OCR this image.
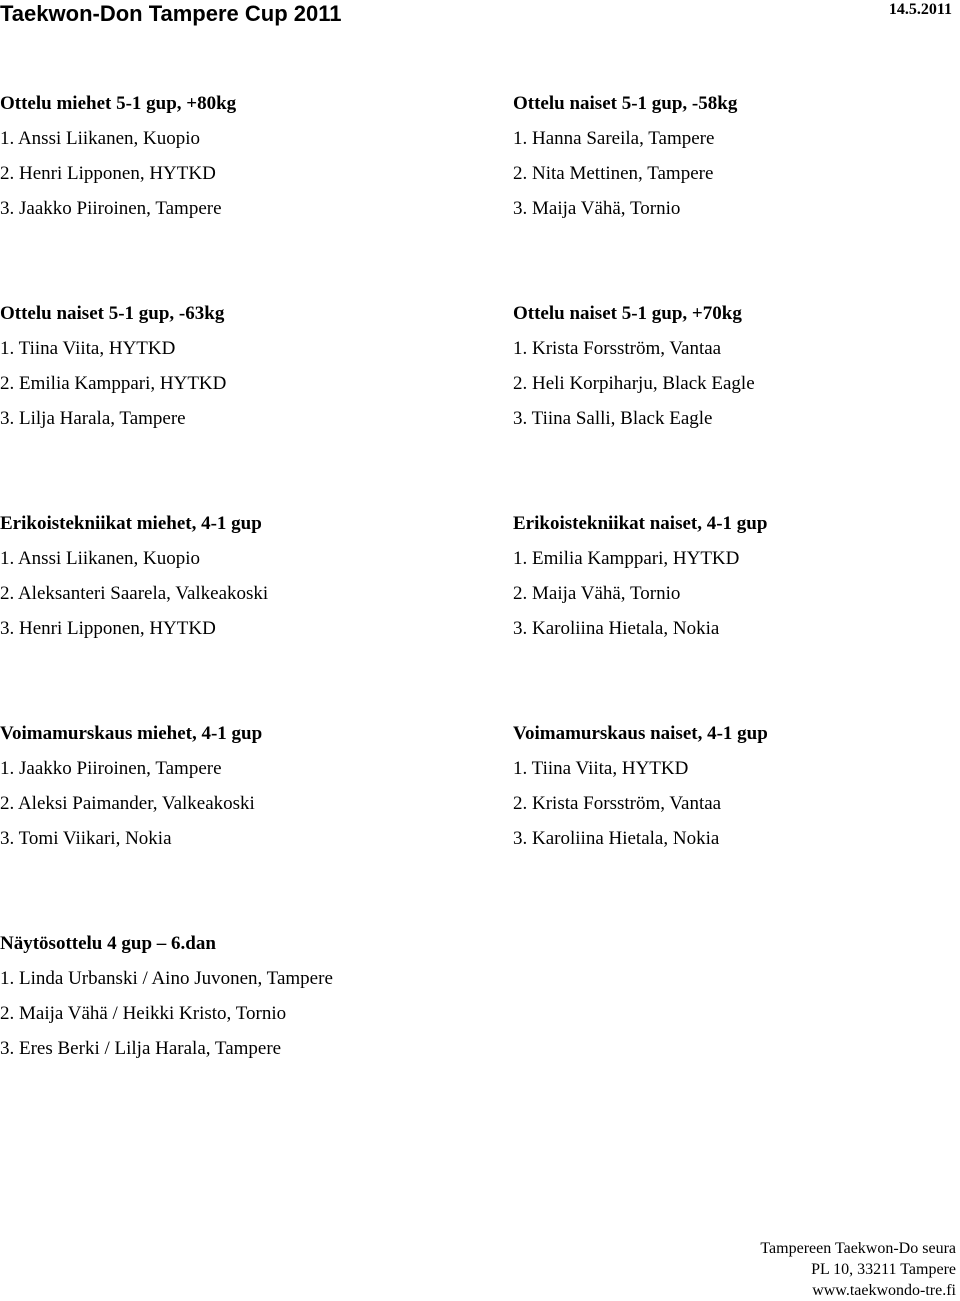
Taekwon-Don Tampere Cup 2011	14.5.2011
Ottelu miehet 5-1 gup, +80kg
1. Anssi Liikanen, Kuopio
2. Henri Lipponen, HYTKD
3. Jaakko Piiroinen, Tampere
Ottelu naiset 5-1 gup, -58kg
1. Hanna Sareila, Tampere
2. Nita Mettinen, Tampere
3. Maija Vähä, Tornio
Ottelu naiset 5-1 gup, -63kg
1. Tiina Viita, HYTKD
2. Emilia Kamppari, HYTKD
3. Lilja Harala, Tampere
Ottelu naiset 5-1 gup, +70kg
1. Krista Forsström, Vantaa
2. Heli Korpiharju, Black Eagle
3. Tiina Salli, Black Eagle
Erikoistekniikat miehet, 4-1 gup
1. Anssi Liikanen, Kuopio
2. Aleksanteri Saarela, Valkeakoski
3. Henri Lipponen, HYTKD
Erikoistekniikat naiset, 4-1 gup
1. Emilia Kamppari, HYTKD
2. Maija Vähä, Tornio
3. Karoliina Hietala, Nokia
Voimamurskaus miehet, 4-1 gup
1. Jaakko Piiroinen, Tampere
2. Aleksi Paimander, Valkeakoski
3. Tomi Viikari, Nokia
Voimamurskaus naiset, 4-1 gup
1. Tiina Viita, HYTKD
2. Krista Forsström, Vantaa
3. Karoliina Hietala, Nokia
Näytösottelu 4 gup – 6.dan
1. Linda Urbanski / Aino Juvonen, Tampere
2. Maija Vähä / Heikki Kristo, Tornio
3. Eres Berki / Lilja Harala, Tampere
Tampereen Taekwon-Do seura
PL 10, 33211 Tampere
www.taekwondo-tre.fi
